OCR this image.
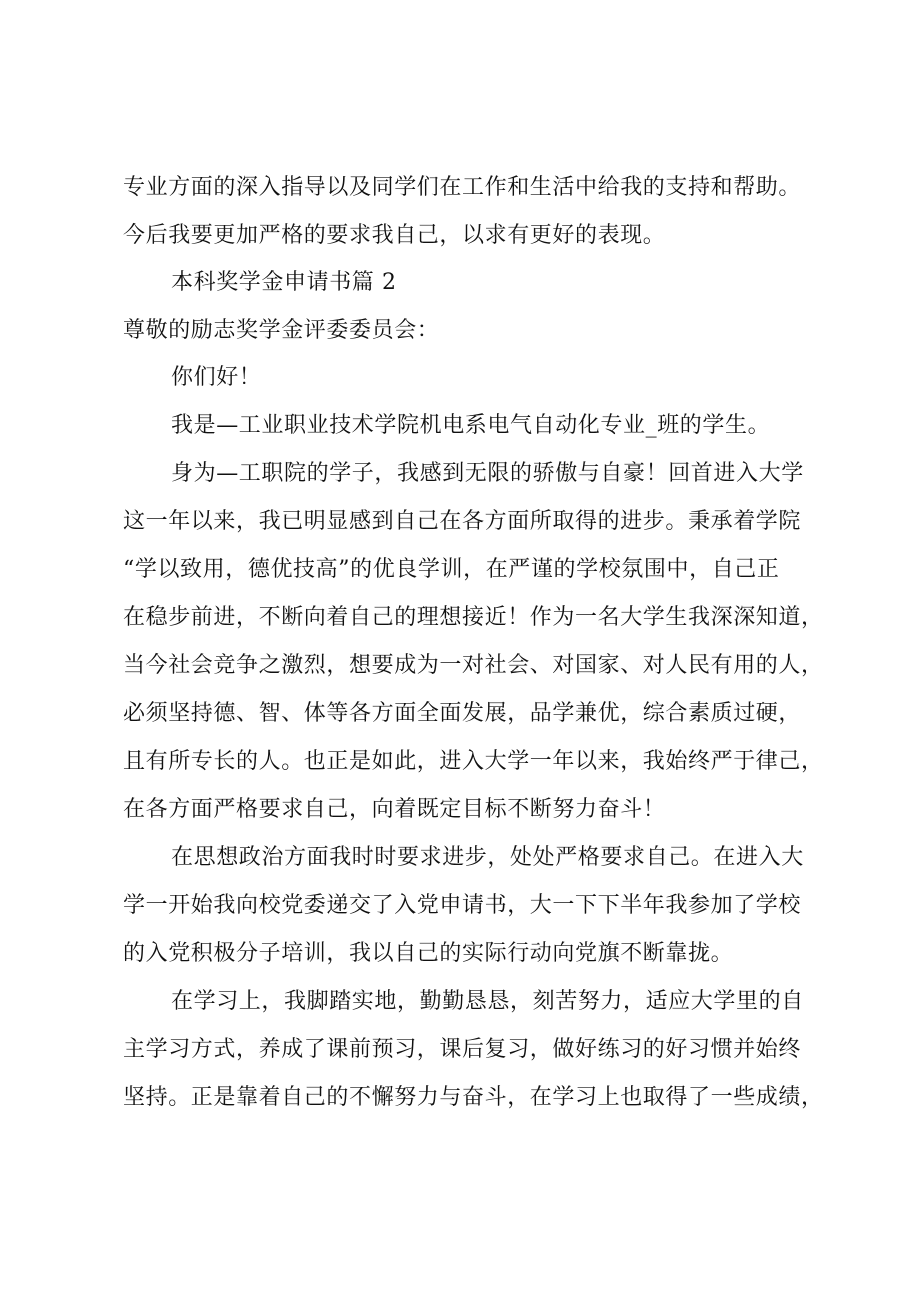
专业方面的深入指导以及同学们在工作和生活中给我的支持和帮助。
今后我要更加严格的要求我自己，以求有更好的表现。
本科奖学金申请书篇 2
尊敬的励志奖学金评委委员会：
你们好！
我是—工业职业技术学院机电系电气自动化专业_班的学生。
身为—工职院的学子，我感到无限的骄傲与自豪！回首进入大学
这一年以来，我已明显感到自己在各方面所取得的进步。秉承着学院
“学以致用，德优技高”的优良学训，在严谨的学校氛围中，自己正
在稳步前进，不断向着自己的理想接近！作为一名大学生我深深知道，
当今社会竞争之激烈，想要成为一对社会、对国家、对人民有用的人，
必须坚持德、智、体等各方面全面发展，品学兼优，综合素质过硬，
且有所专长的人。也正是如此，进入大学一年以来，我始终严于律己，
在各方面严格要求自己，向着既定目标不断努力奋斗！
在思想政治方面我时时要求进步，处处严格要求自己。在进入大
学一开始我向校党委递交了入党申请书，大一下下半年我参加了学校
的入党积极分子培训，我以自己的实际行动向党旗不断靠拢。
在学习上，我脚踏实地，勤勤恳恳，刻苦努力，适应大学里的自
主学习方式，养成了课前预习，课后复习，做好练习的好习惯并始终
坚持。正是靠着自己的不懈努力与奋斗，在学习上也取得了一些成绩，
